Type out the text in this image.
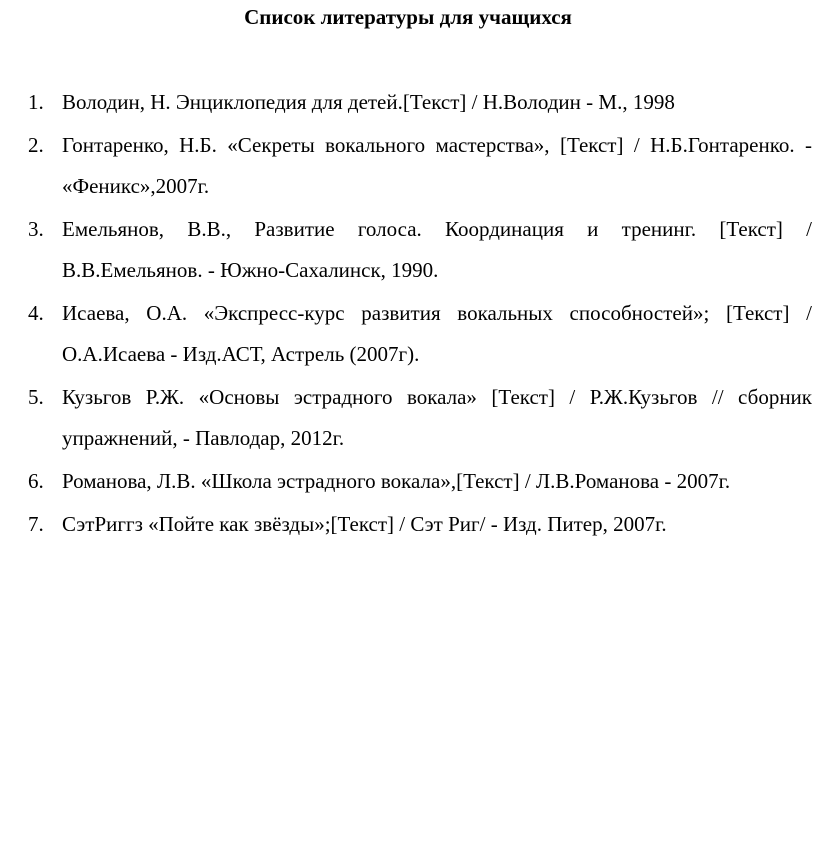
Список литературы для учащихся
1. Володин, Н. Энциклопедия для детей.[Текст] / Н.Володин - М., 1998
2. Гонтаренко, Н.Б. «Секреты вокального мастерства», [Текст] / Н.Б.Гонтаренко. - «Феникс»,2007г.
3. Емельянов, В.В., Развитие голоса. Координация и тренинг. [Текст] / В.В.Емельянов. - Южно-Сахалинск, 1990.
4. Исаева, О.А. «Экспресс-курс развития вокальных способностей»; [Текст] / О.А.Исаева - Изд.АСТ, Астрель (2007г).
5. Кузьгов Р.Ж. «Основы эстрадного вокала» [Текст] / Р.Ж.Кузьгов // сборник упражнений, - Павлодар, 2012г.
6. Романова, Л.В. «Школа эстрадного вокала»,[Текст] / Л.В.Романова - 2007г.
7. СэтРиггз «Пойте как звёзды»;[Текст] / Сэт Риг/ - Изд. Питер, 2007г.
